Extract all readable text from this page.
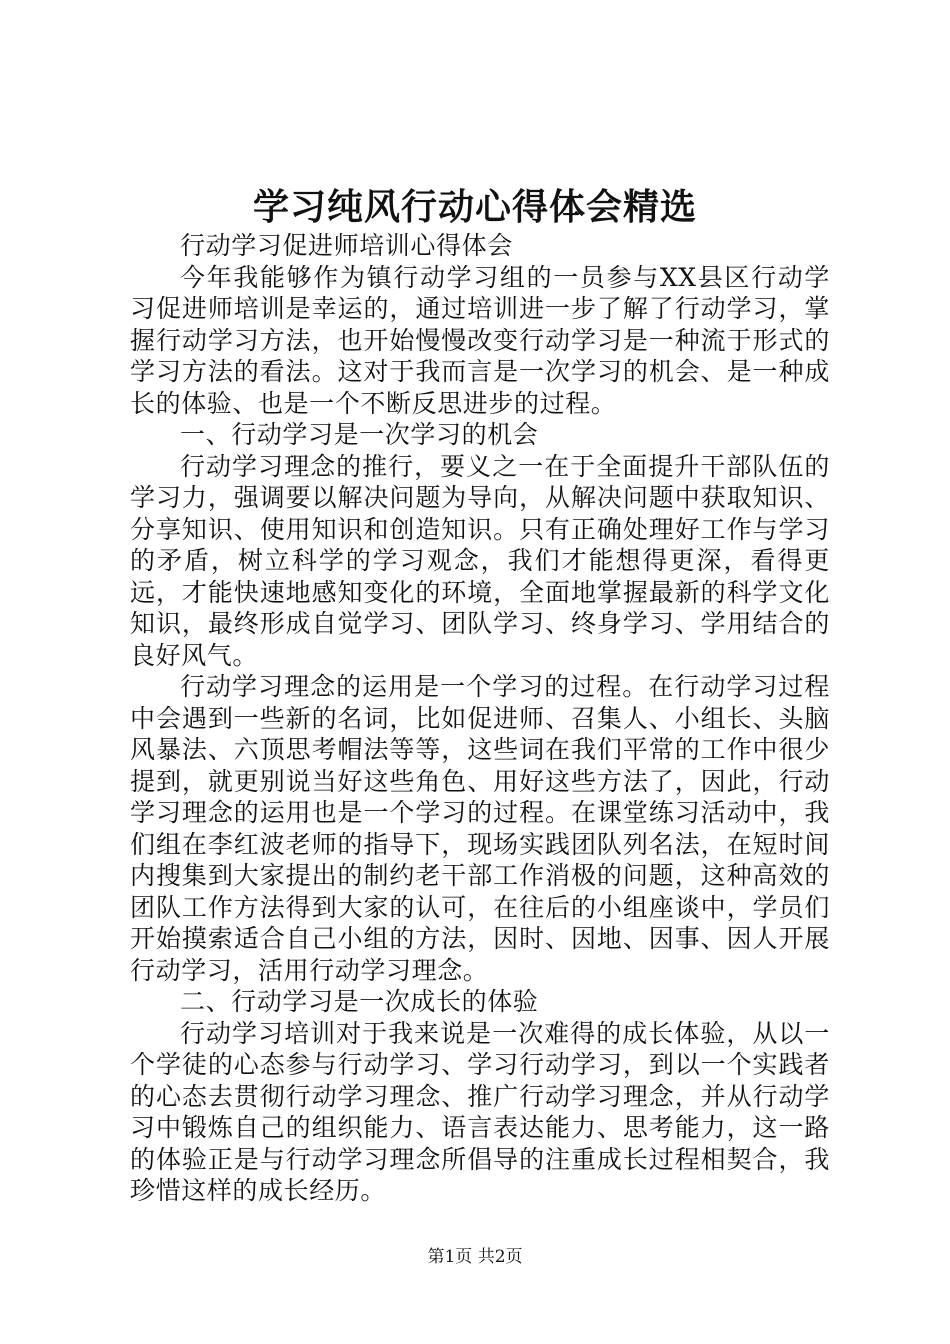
学习纯风行动心得体会精选

行动学习促进师培训心得体会

今年我能够作为镇行动学习组的一员参与XX县区行动学习促进师培训是幸运的，通过培训进一步了解了行动学习，掌握行动学习方法，也开始慢慢改变行动学习是一种流于形式的学习方法的看法。这对于我而言是一次学习的机会、是一种成长的体验、也是一个不断反思进步的过程。

一、行动学习是一次学习的机会

行动学习理念的推行，要义之一在于全面提升干部队伍的学习力，强调要以解决问题为导向，从解决问题中获取知识、分享知识、使用知识和创造知识。只有正确处理好工作与学习的矛盾，树立科学的学习观念，我们才能想得更深，看得更远，才能快速地感知变化的环境，全面地掌握最新的科学文化知识，最终形成自觉学习、团队学习、终身学习、学用结合的良好风气。

行动学习理念的运用是一个学习的过程。在行动学习过程中会遇到一些新的名词，比如促进师、召集人、小组长、头脑风暴法、六顶思考帽法等等，这些词在我们平常的工作中很少提到，就更别说当好这些角色、用好这些方法了，因此，行动学习理念的运用也是一个学习的过程。在课堂练习活动中，我们组在李红波老师的指导下，现场实践团队列名法，在短时间内搜集到大家提出的制约老干部工作消极的问题，这种高效的团队工作方法得到大家的认可，在往后的小组座谈中，学员们开始摸索适合自己小组的方法，因时、因地、因事、因人开展行动学习，活用行动学习理念。

二、行动学习是一次成长的体验

行动学习培训对于我来说是一次难得的成长体验，从以一个学徒的心态参与行动学习、学习行动学习，到以一个实践者的心态去贯彻行动学习理念、推广行动学习理念，并从行动学习中锻炼自己的组织能力、语言表达能力、思考能力，这一路的体验正是与行动学习理念所倡导的注重成长过程相契合，我珍惜这样的成长经历。

第1页 共2页
